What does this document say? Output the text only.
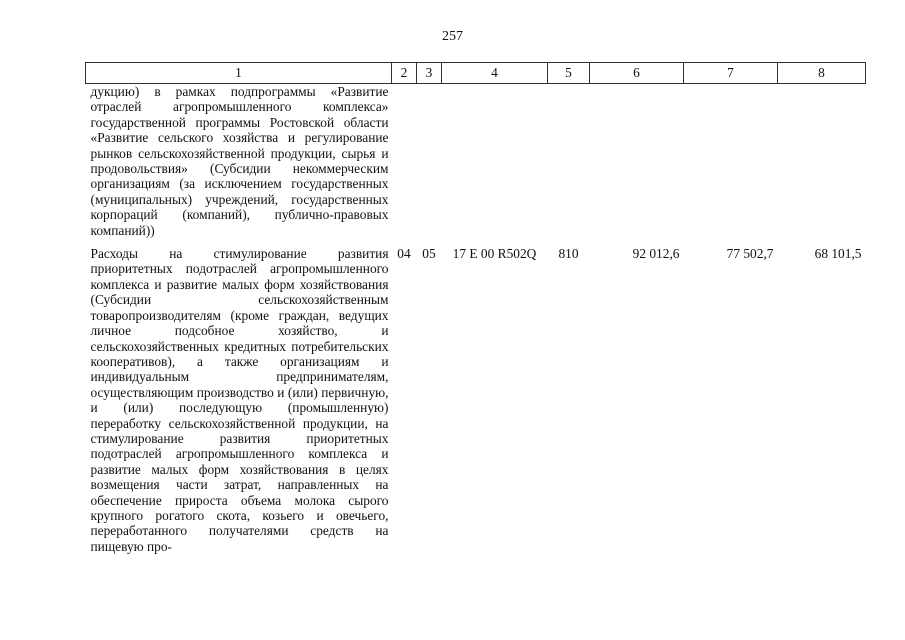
257
1	2	3	4	5	6	7	8
дукцию) в рамках подпрограммы «Развитие отраслей агропромышленного комплекса» государственной программы Ростовской области «Развитие сельского хозяйства и регулирование рынков сельскохозяйственной продукции, сырья и продовольствия» (Субсидии некоммерческим организациям (за исключением государственных (муниципальных) учреждений, государственных корпораций (компаний), публично-правовых компаний))							
Расходы на стимулирование развития приоритетных подотраслей агропромышленного комплекса и развитие малых форм хозяйствования (Субсидии сельскохозяйственным товаропроизводителям (кроме граждан, ведущих личное подсобное хозяйство, и сельскохозяйственных кредитных потребительских кооперативов), а также организациям и индивидуальным предпринимателям, осуществляющим производство и (или) первичную, и (или) последующую (промышленную) переработку сельскохозяйственной продукции, на стимулирование развития приоритетных подотраслей агропромышленного комплекса и развитие малых форм хозяйствования в целях возмещения части затрат, направленных на обеспечение прироста объема молока сырого крупного рогатого скота, козьего и овечьего, переработанного получателями средств на пищевую про-	04	05	17 Е 00 R502Q	810	92 012,6	77 502,7	68 101,5
